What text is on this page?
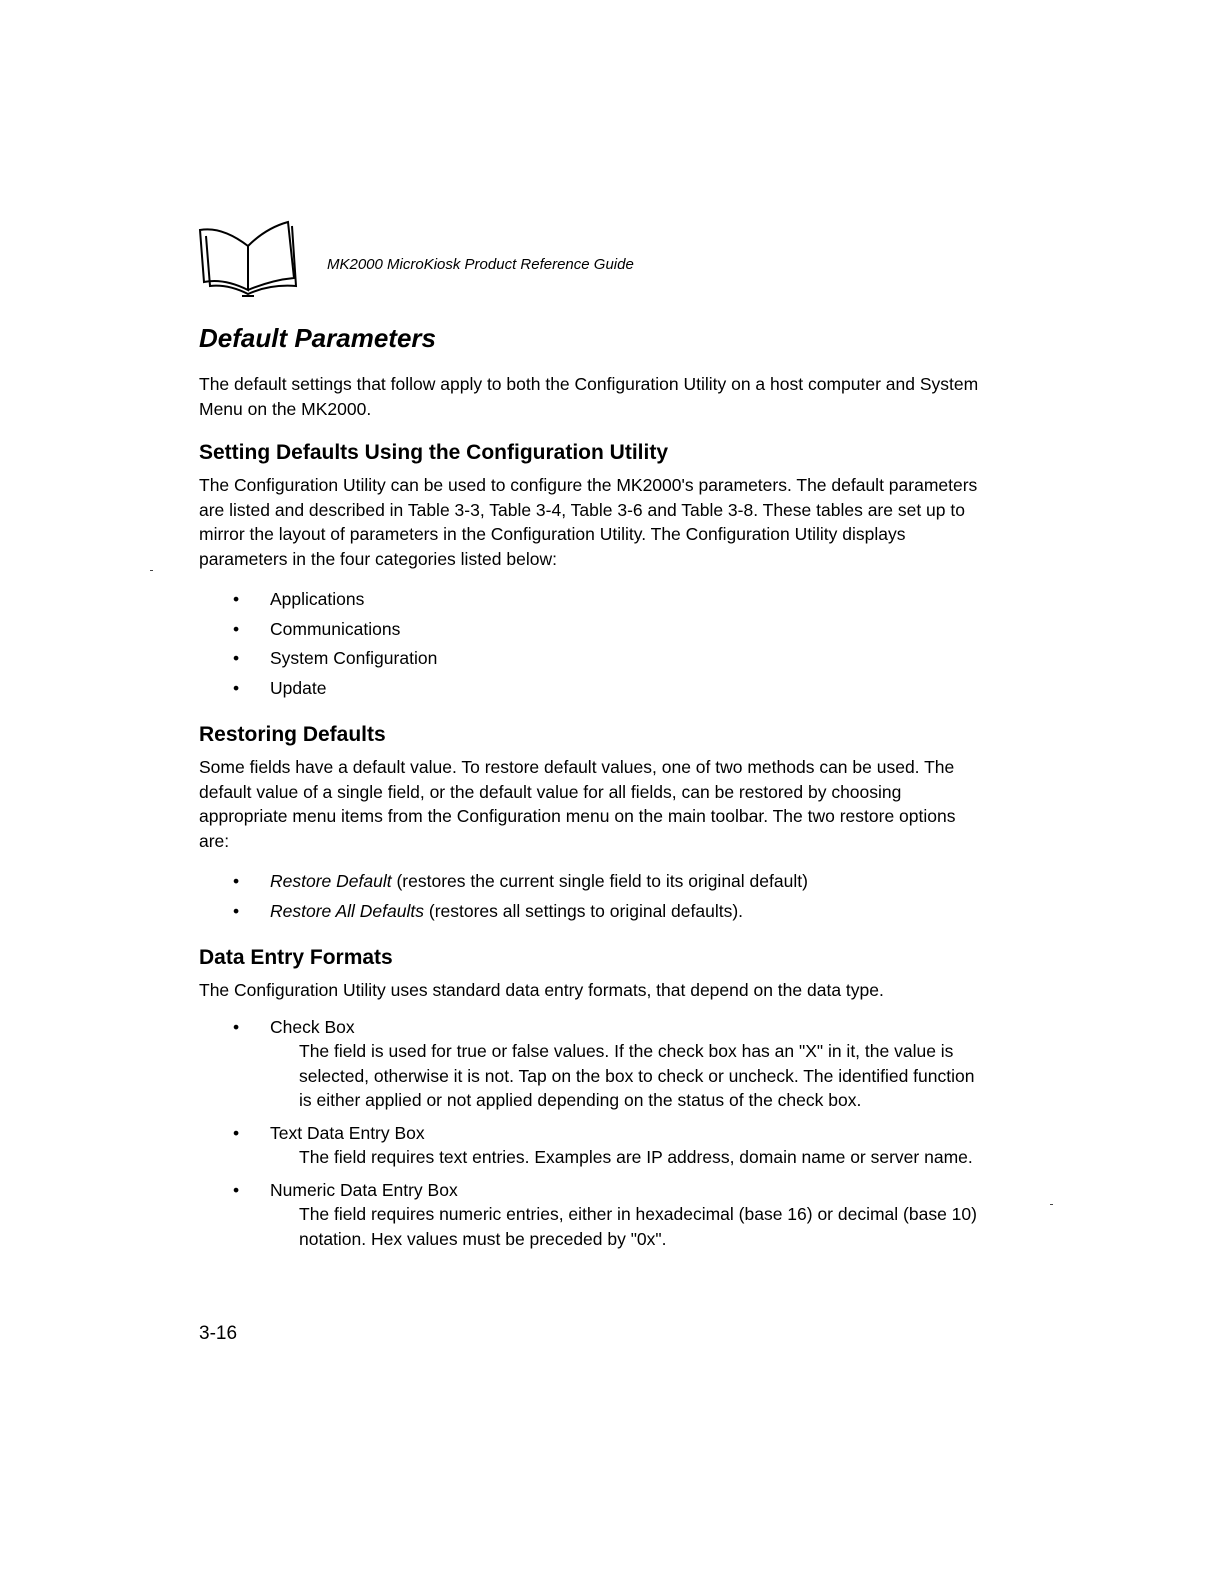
MK2000 MicroKiosk Product Reference Guide
Default Parameters

The default settings that follow apply to both the Configuration Utility on a host computer and System Menu on the MK2000.

Setting Defaults Using the Configuration Utility

The Configuration Utility can be used to configure the MK2000's parameters. The default parameters are listed and described in Table 3-3, Table 3-4, Table 3-6 and Table 3-8. These tables are set up to mirror the layout of parameters in the Configuration Utility. The Configuration Utility displays parameters in the four categories listed below:

• Applications
• Communications
• System Configuration
• Update
Restoring Defaults

Some fields have a default value. To restore default values, one of two methods can be used. The default value of a single field, or the default value for all fields, can be restored by choosing appropriate menu items from the Configuration menu on the main toolbar. The two restore options are:

• Restore Default (restores the current single field to its original default)
• Restore All Defaults (restores all settings to original defaults).
Data Entry Formats

The Configuration Utility uses standard data entry formats, that depend on the data type.

• Check Box
The field is used for true or false values. If the check box has an "X" in it, the value is selected, otherwise it is not. Tap on the box to check or uncheck. The identified function is either applied or not applied depending on the status of the check box.
• Text Data Entry Box
The field requires text entries. Examples are IP address, domain name or server name.
• Numeric Data Entry Box
The field requires numeric entries, either in hexadecimal (base 16) or decimal (base 10) notation. Hex values must be preceded by "0x".
3-16
